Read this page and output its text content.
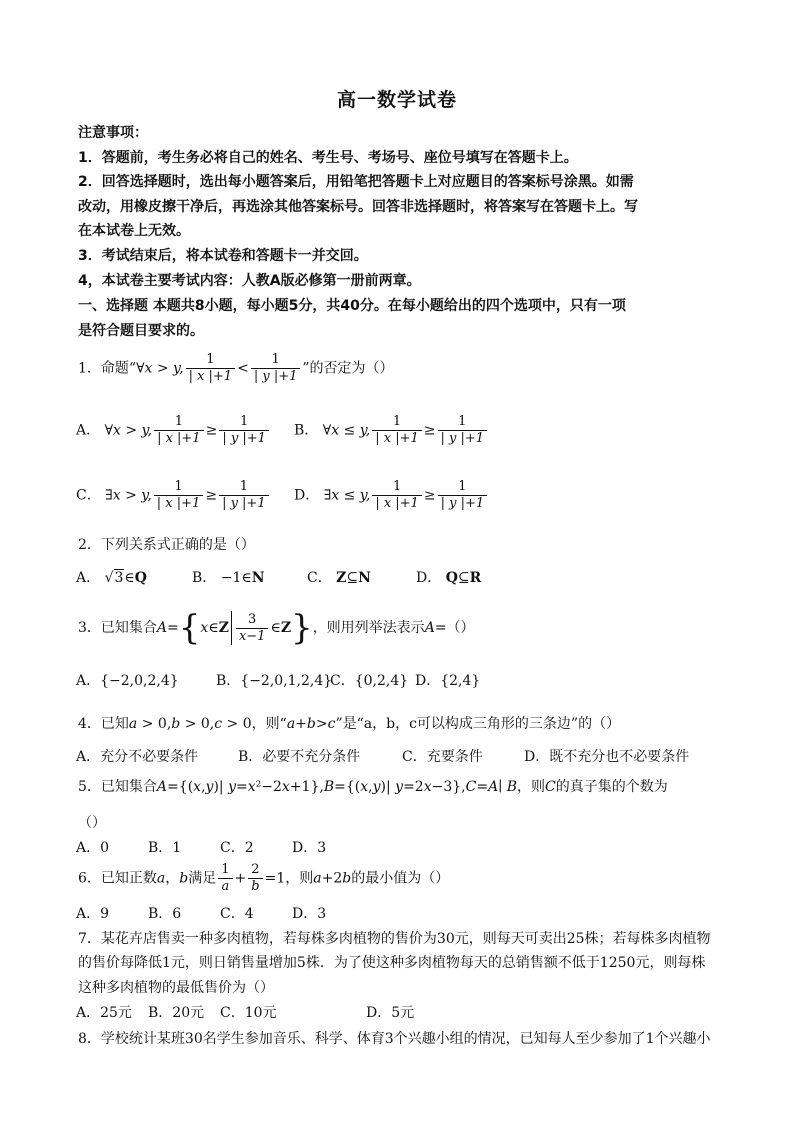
高一数学试卷
注意事项：
1．答题前，考生务必将自己的姓名、考生号、考场号、座位号填写在答题卡上。
2．回答选择题时，选出每小题答案后，用铅笔把答题卡上对应题目的答案标号涂黑。如需
改动，用橡皮擦干净后，再选涂其他答案标号。回答非选择题时，将答案写在答题卡上。写
在本试卷上无效。
3．考试结束后，将本试卷和答题卡一并交回。
4，本试卷主要考试内容：人教A版必修第一册前两章。
一、选择题 本题共8小题，每小题5分，共40分。在每小题给出的四个选项中，只有一项
是符合题目要求的。
1．命题“∀x > y, $\frac{1}{| x |+1} < \frac{1}{| y |+1}$ ”的否定为（）
A． ∀x > y, $\frac{1}{| x |+1} \ge \frac{1}{| y |+1}$ B． ∀x ≤ y, $\frac{1}{| x |+1} \ge \frac{1}{| y |+1}$
C． ∃x > y, $\frac{1}{| x |+1} \ge \frac{1}{| y |+1}$ D． ∃x ≤ y, $\frac{1}{| x |+1} \ge \frac{1}{| y |+1}$
2．下列关系式正确的是（）
A． √3∈Q	B． −1∈N	C． Z⊆N	D． Q⊆R
3．已知集合A={x∈Z $\frac{3}{x-1}$ ∈Z}，则用列举法表示A=（）
A．{−2,0,2,4}	B．{−2,0,1,2,4}
C．{0,2,4} D．{2,4}
4．已知a > 0,b > 0,c > 0，则“a+b>c”是“a，b，c可以构成三角形的三条边”的（）
A．充分不必要条件	B．必要不充分条件	C．充要条件	D．既不充分也不必要条件
5．已知集合A={(x,y)| y=x²−2x+1},B={(x,y)| y=2x−3},C=A∣ B，则C的真子集的个数为
（）
A．0	B．1	C．2	D．3
6．已知正数a，b满足 $\frac{1}{a} + \frac{2}{b} =1$，则a+2b的最小值为（）
A．9	B．6	C．4	D．3
7．某花卉店售卖一种多肉植物，若每株多肉植物的售价为30元，则每天可卖出25株；若每株多肉植物
的售价每降低1元，则日销售量增加5株．为了使这种多肉植物每天的总销售额不低于1250元，则每株
这种多肉植物的最低售价为（）
A．25元 B．20元 C．10元	D．5元
8．学校统计某班30名学生参加音乐、科学、体育3个兴趣小组的情况，已知每人至少参加了1个兴趣小
